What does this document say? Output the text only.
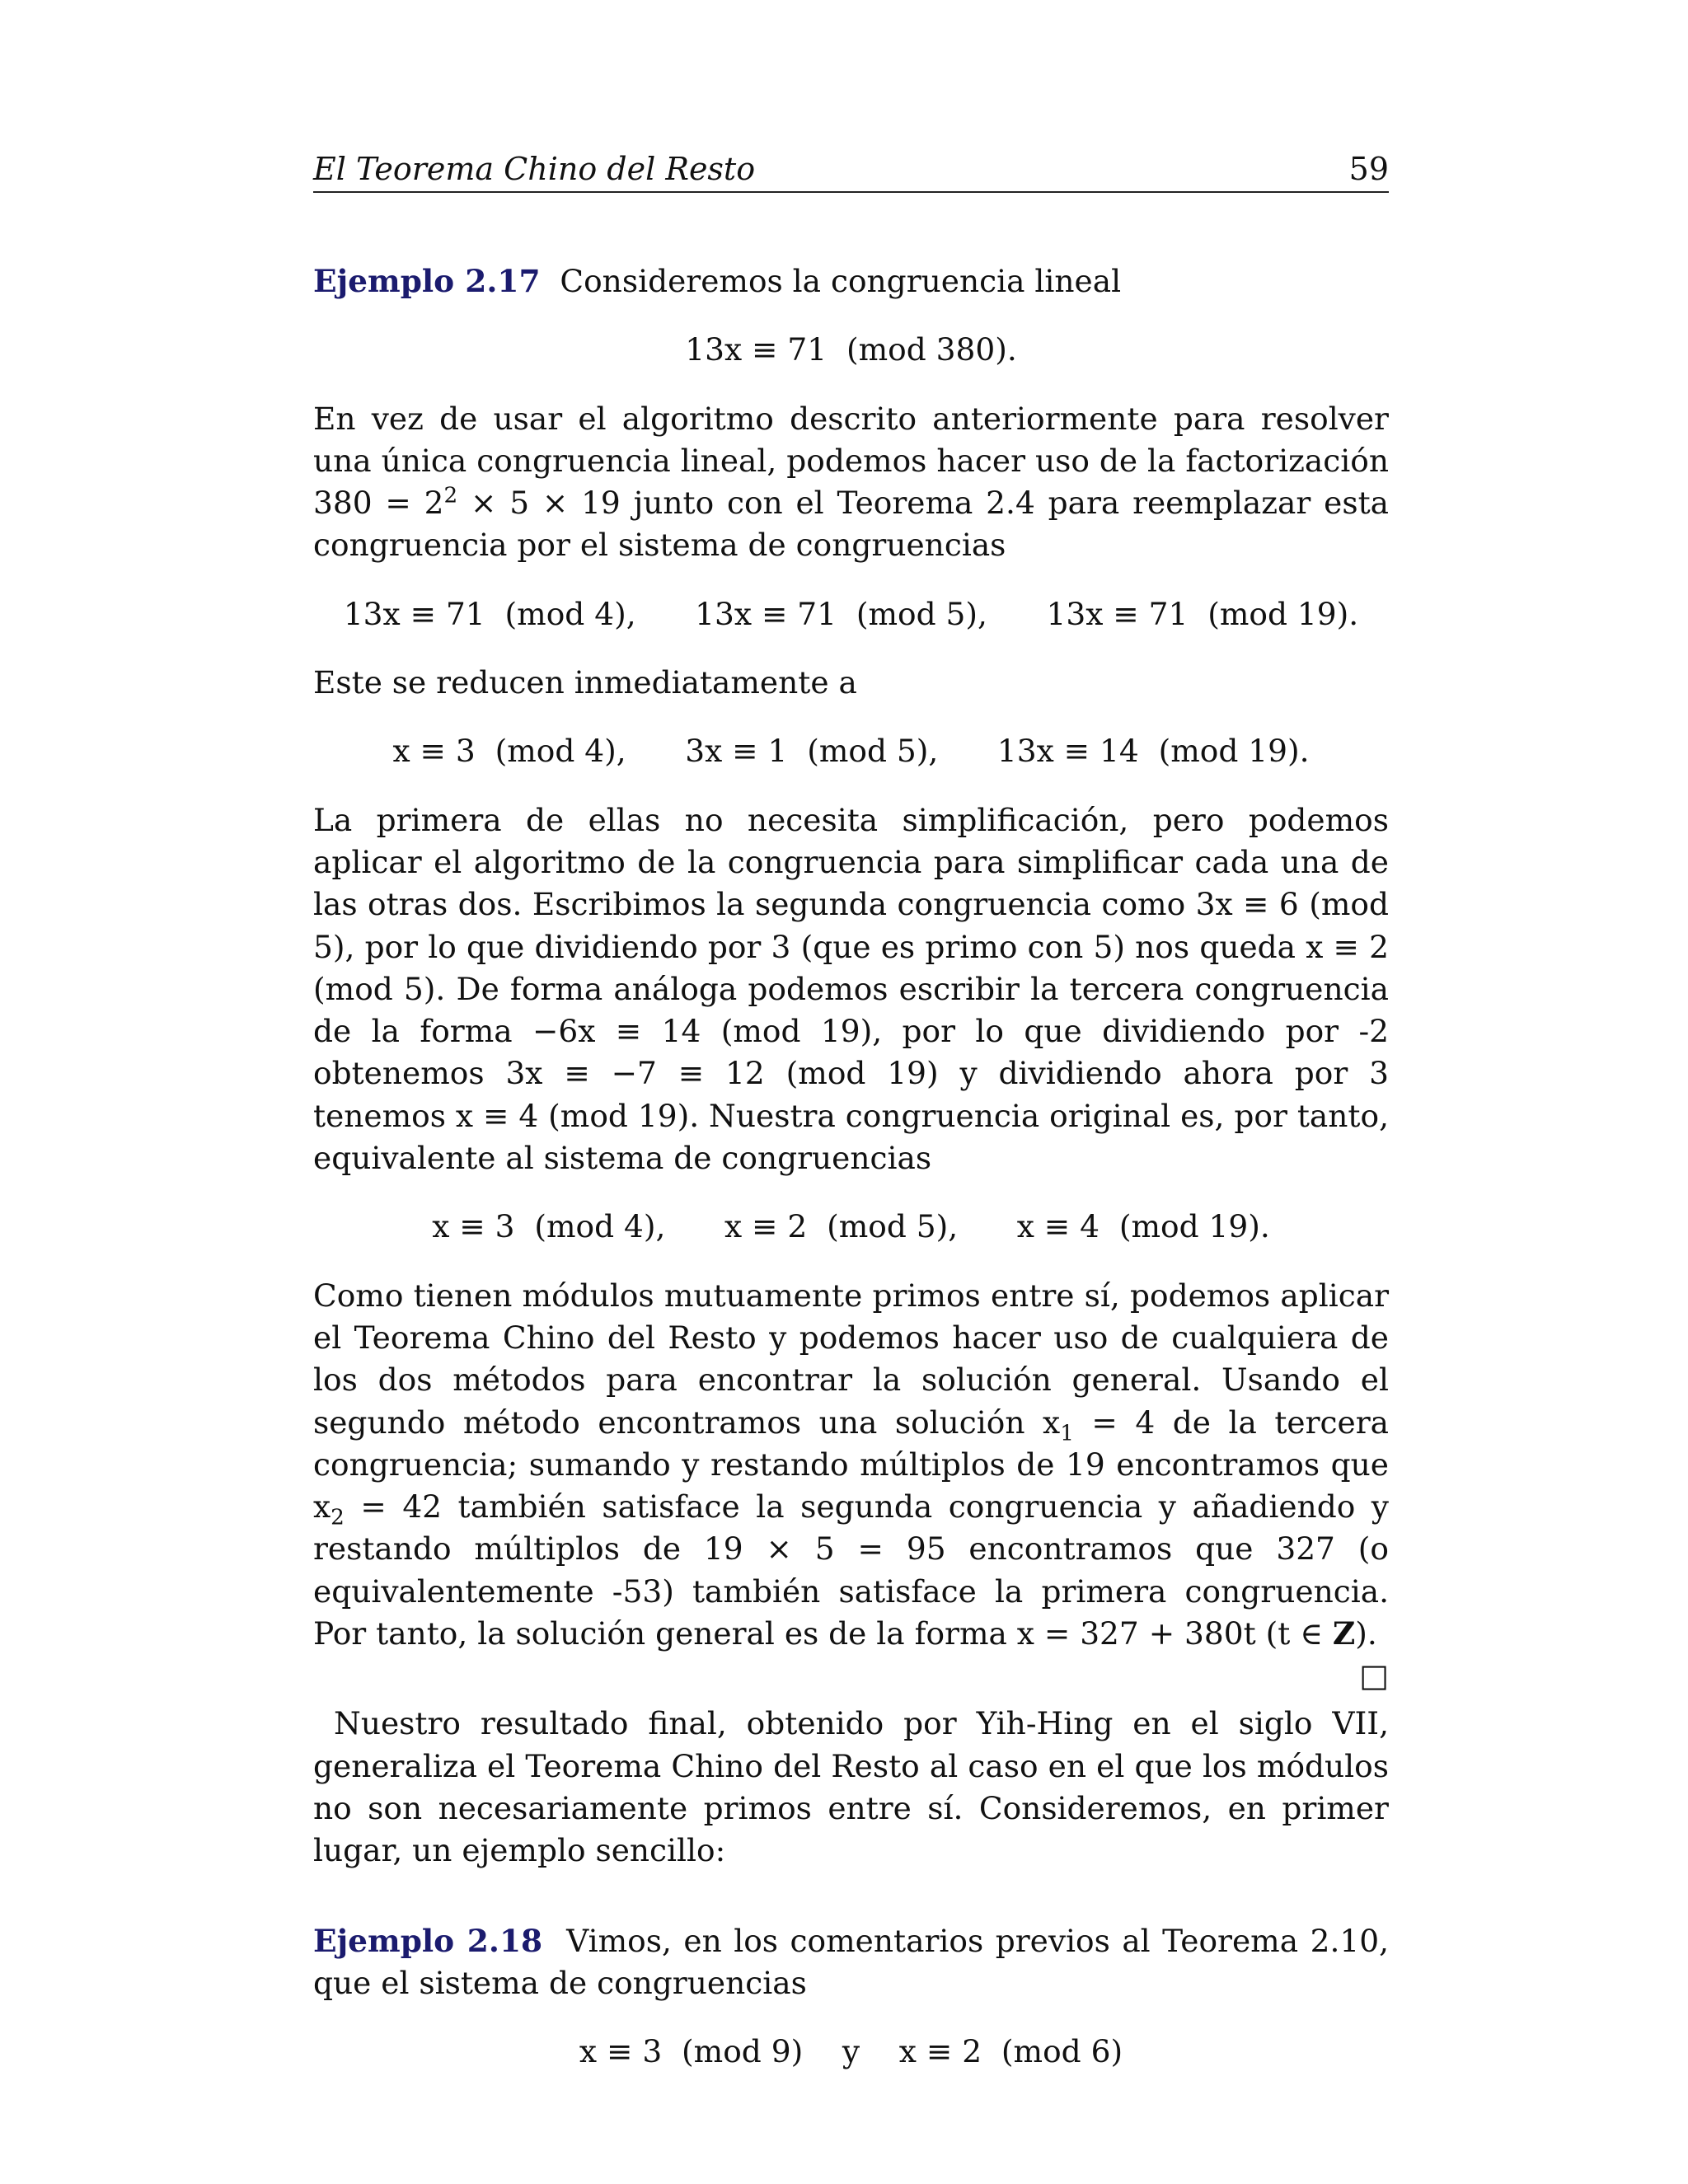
El Teorema Chino del Resto	59

Ejemplo 2.17 Consideremos la congruencia lineal

13x ≡ 71 (mod 380).

En vez de usar el algoritmo descrito anteriormente para resolver una única congruencia lineal, podemos hacer uso de la factorización $380 = 2^2 \times 5 \times 19$ junto con el Teorema 2.4 para reemplazar esta congruencia por el sistema de congruencias

13x ≡ 71 (mod 4), 13x ≡ 71 (mod 5), 13x ≡ 71 (mod 19).

Este se reducen inmediatamente a

x ≡ 3 (mod 4), 3x ≡ 1 (mod 5), 13x ≡ 14 (mod 19).

La primera de ellas no necesita simplificación, pero podemos aplicar el algoritmo de la congruencia para simplificar cada una de las otras dos. Escribimos la segunda congruencia como 3x ≡ 6 (mod 5), por lo que dividiendo por 3 (que es primo con 5) nos queda x ≡ 2 (mod 5). De forma análoga podemos escribir la tercera congruencia de la forma −6x ≡ 14 (mod 19), por lo que dividiendo por -2 obtenemos 3x ≡ −7 ≡ 12 (mod 19) y dividiendo ahora por 3 tenemos x ≡ 4 (mod 19). Nuestra congruencia original es, por tanto, equivalente al sistema de congruencias

x ≡ 3 (mod 4), x ≡ 2 (mod 5), x ≡ 4 (mod 19).

Como tienen módulos mutuamente primos entre sí, podemos aplicar el Teorema Chino del Resto y podemos hacer uso de cualquiera de los dos métodos para encontrar la solución general. Usando el segundo método encontramos una solución $x_1 = 4$ de la tercera congruencia; sumando y restando múltiplos de 19 encontramos que $x_2 = 42$ también satisface la segunda congruencia y añadiendo y restando múltiplos de 19 × 5 = 95 encontramos que 327 (o equivalentemente -53) también satisface la primera congruencia. Por tanto, la solución general es de la forma x = 327 + 380t (t ∈ Z).
□

Nuestro resultado final, obtenido por Yih-Hing en el siglo VII, generaliza el Teorema Chino del Resto al caso en el que los módulos no son necesariamente primos entre sí. Consideremos, en primer lugar, un ejemplo sencillo:

Ejemplo 2.18 Vimos, en los comentarios previos al Teorema 2.10, que el sistema de congruencias

x ≡ 3 (mod 9) y x ≡ 2 (mod 6)
